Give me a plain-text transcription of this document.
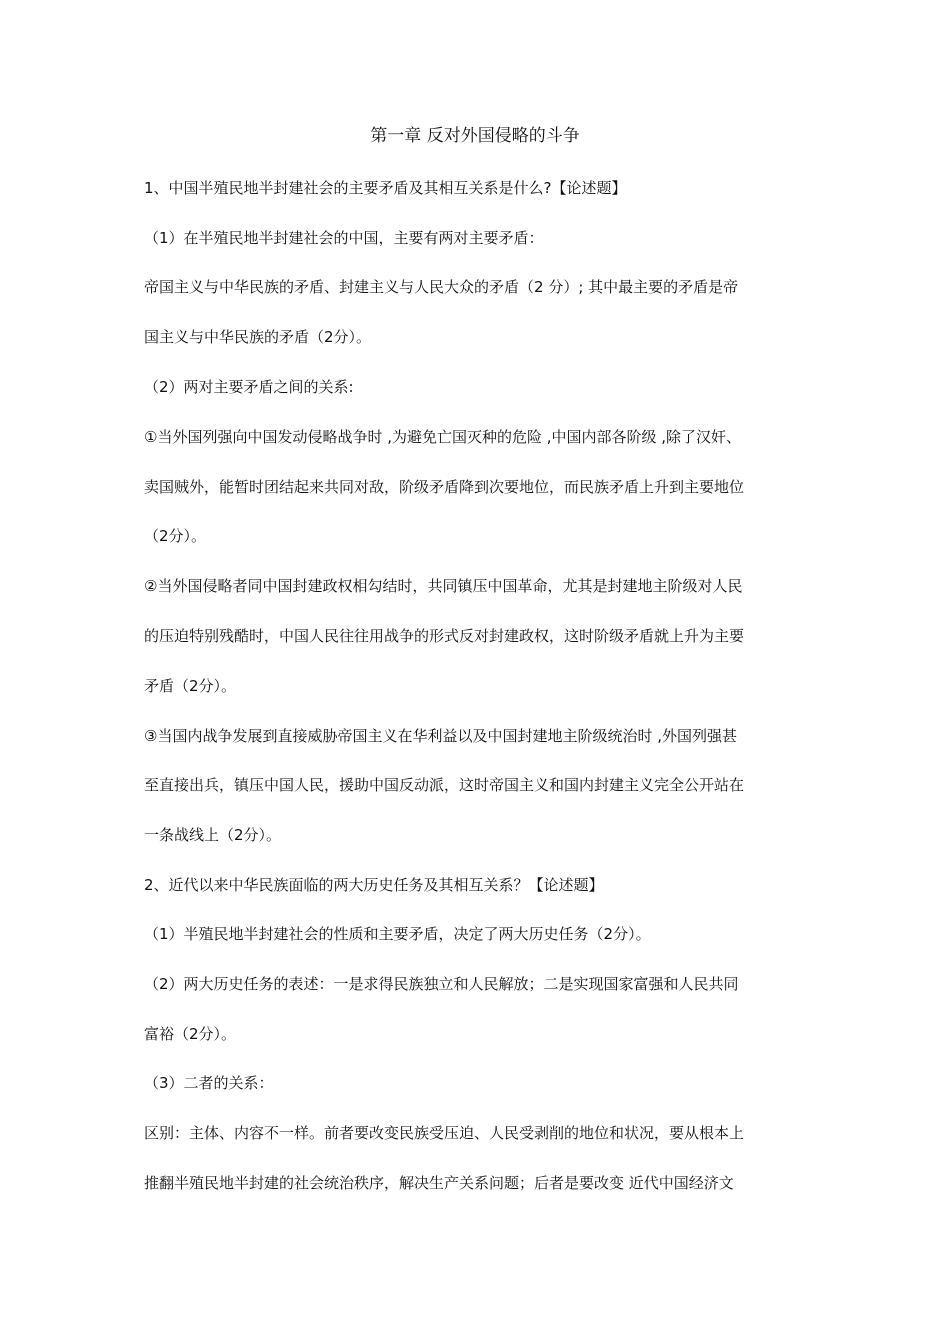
第一章 反对外国侵略的斗争
1、中国半殖民地半封建社会的主要矛盾及其相互关系是什么?【论述题】
（1）在半殖民地半封建社会的中国，主要有两对主要矛盾：
帝国主义与中华民族的矛盾、封建主义与人民大众的矛盾（2 分）; 其中最主要的矛盾是帝
国主义与中华民族的矛盾（2分）。
（2）两对主要矛盾之间的关系:
①当外国列强向中国发动侵略战争时 ,为避免亡国灭种的危险 ,中国内部各阶级 ,除了汉奸、
卖国贼外，能暂时团结起来共同对敌，阶级矛盾降到次要地位，而民族矛盾上升到主要地位
（2分）。
②当外国侵略者同中国封建政权相勾结时，共同镇压中国革命，尤其是封建地主阶级对人民
的压迫特别残酷时，中国人民往往用战争的形式反对封建政权，这时阶级矛盾就上升为主要
矛盾（2分）。
③当国内战争发展到直接威胁帝国主义在华利益以及中国封建地主阶级统治时 ,外国列强甚
至直接出兵，镇压中国人民，援助中国反动派，这时帝国主义和国内封建主义完全公开站在
一条战线上（2分）。
2、近代以来中华民族面临的两大历史任务及其相互关系？【论述题】
（1）半殖民地半封建社会的性质和主要矛盾，决定了两大历史任务（2分）。
（2）两大历史任务的表述：一是求得民族独立和人民解放；二是实现国家富强和人民共同
富裕（2分）。
（3）二者的关系：
区别：主体、内容不一样。前者要改变民族受压迫、人民受剥削的地位和状况，要从根本上
推翻半殖民地半封建的社会统治秩序，解决生产关系问题；后者是要改变 近代中国经济文
